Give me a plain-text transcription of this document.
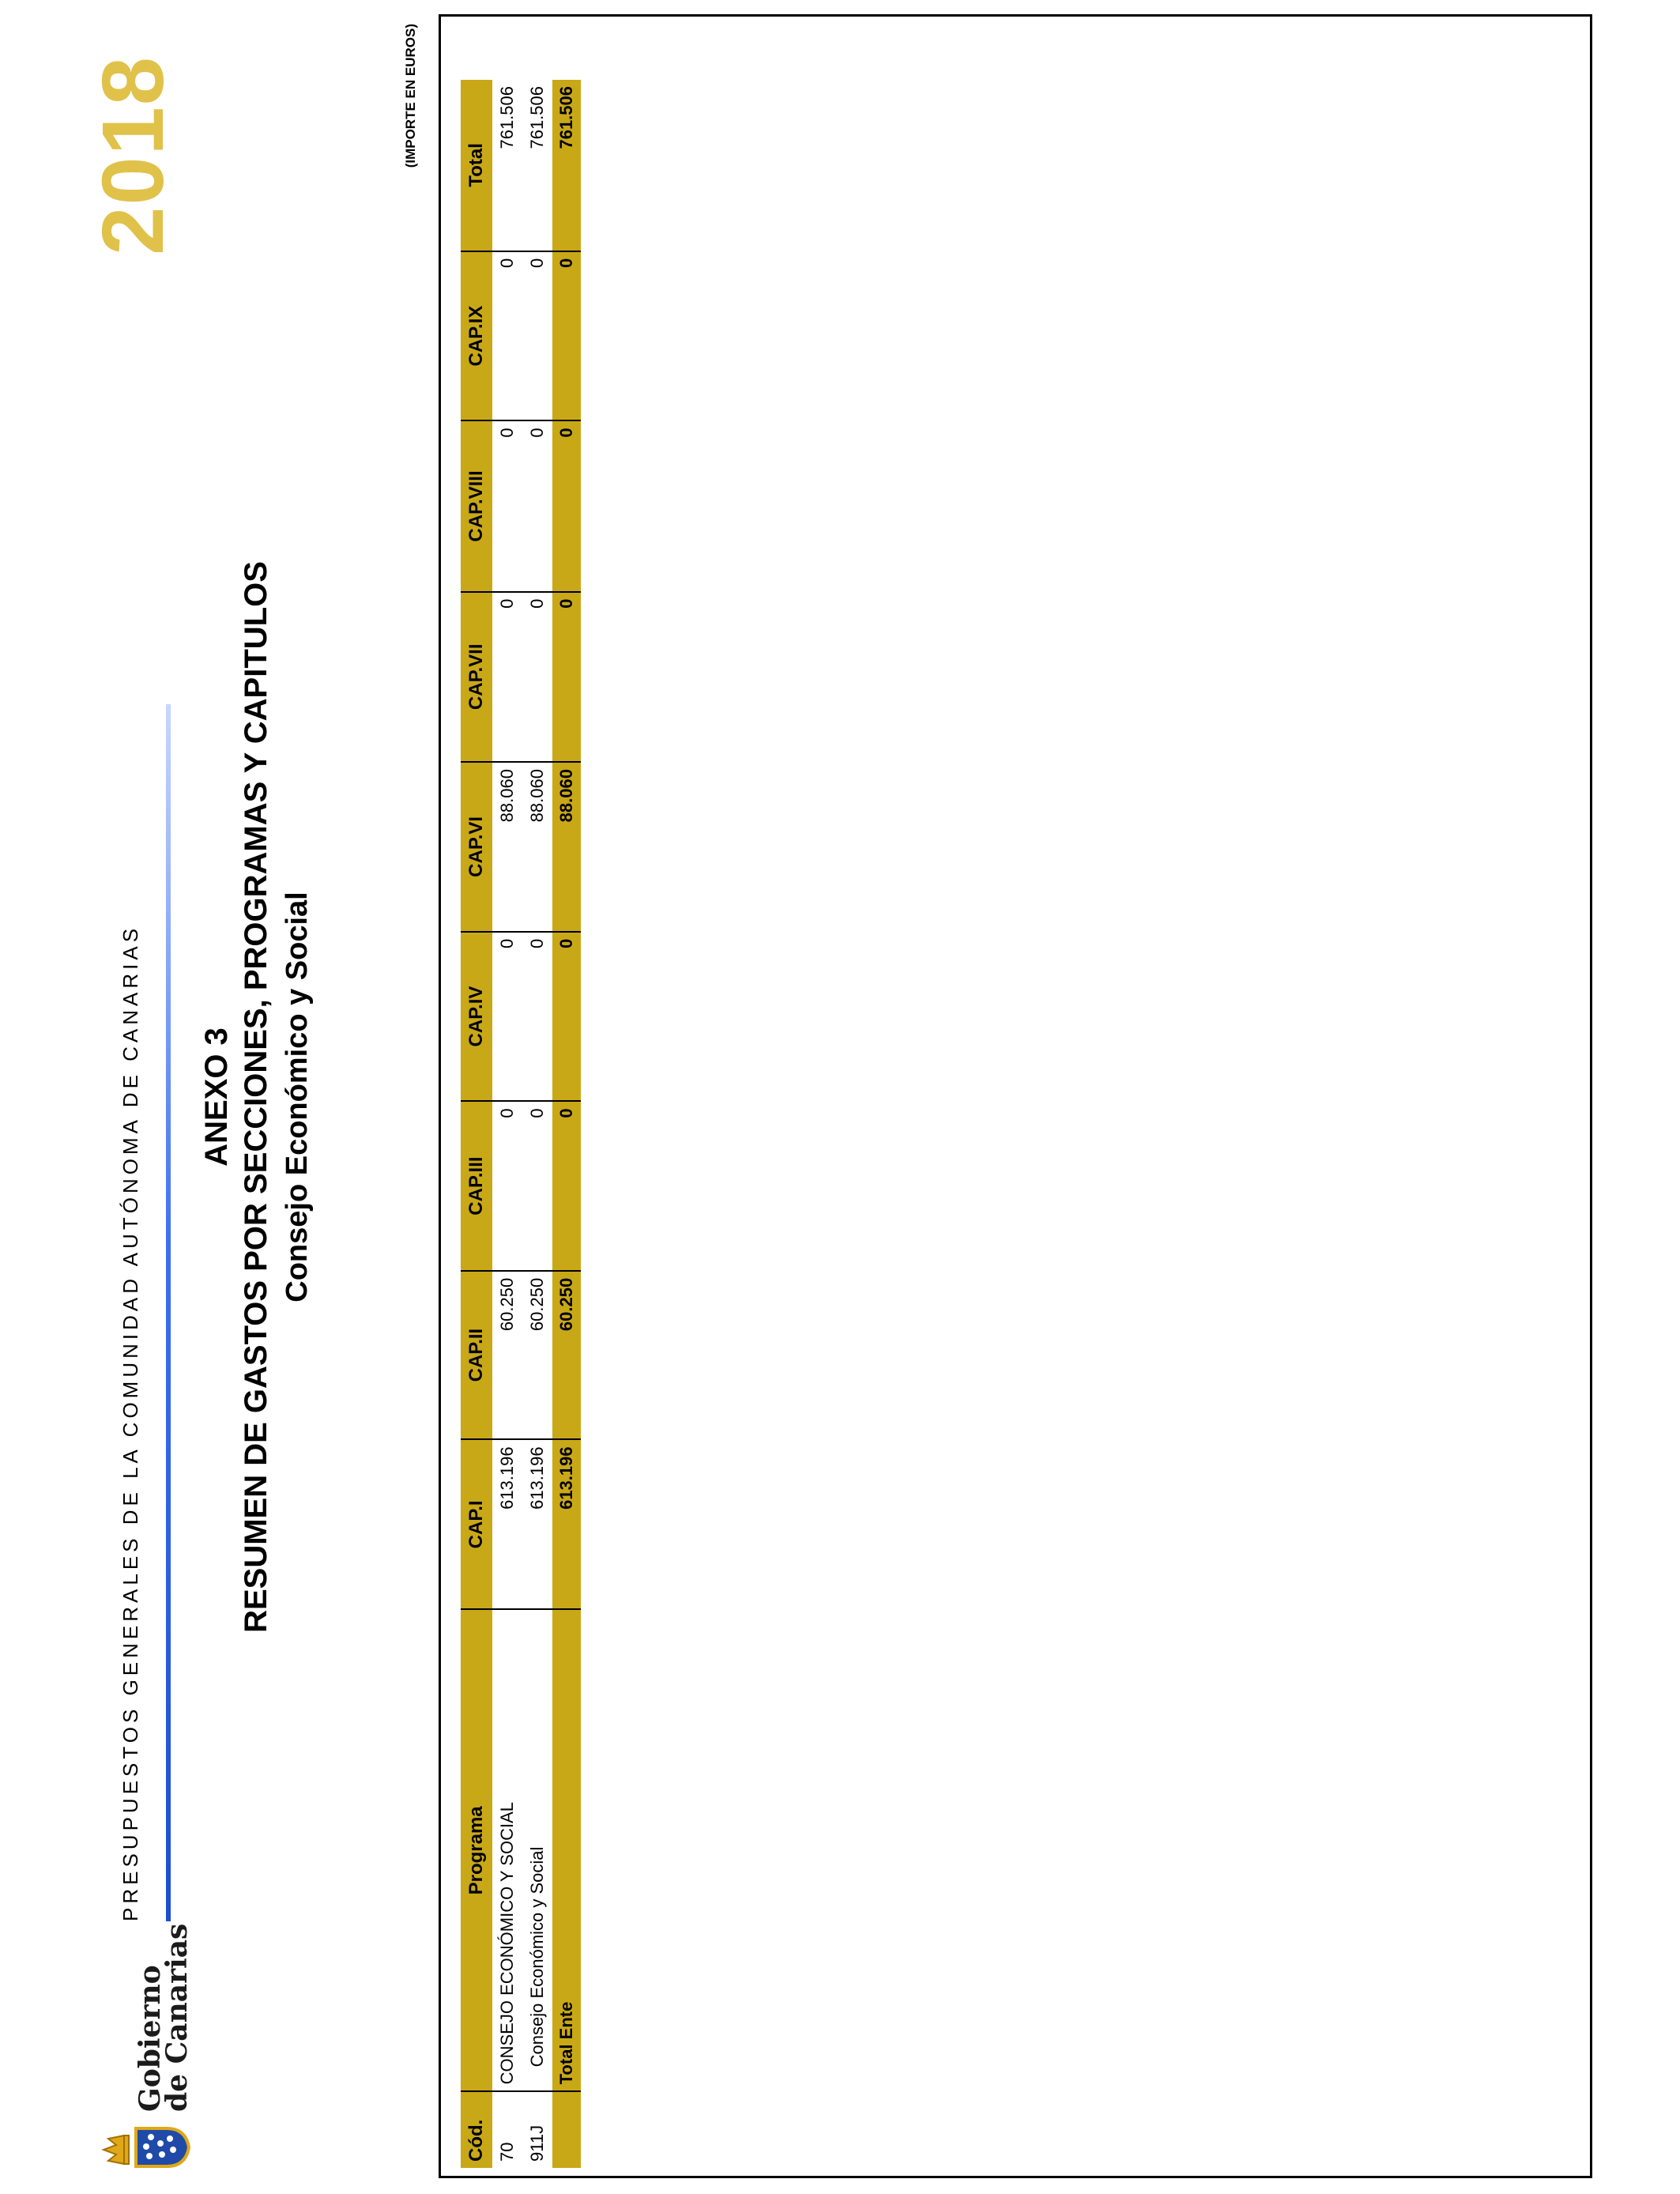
Gobierno
de Canarias
PRESUPUESTOS GENERALES DE LA COMUNIDAD AUTÓNOMA DE CANARIAS
2018
ANEXO 3 RESUMEN DE GASTOS POR SECCIONES, PROGRAMAS Y CAPITULOS Consejo Económico y Social
(IMPORTE EN EUROS)
Cód.	Programa	CAP.I	CAP.II	CAP.III	CAP.IV	CAP.VI	CAP.VII	CAP.VIII	CAP.IX	Total
70	CONSEJO ECONÓMICO Y SOCIAL	613.196	60.250	0	0	88.060	0	0	0	761.506
911J	Consejo Económico y Social	613.196	60.250	0	0	88.060	0	0	0	761.506
	Total Ente	613.196	60.250	0	0	88.060	0	0	0	761.506
